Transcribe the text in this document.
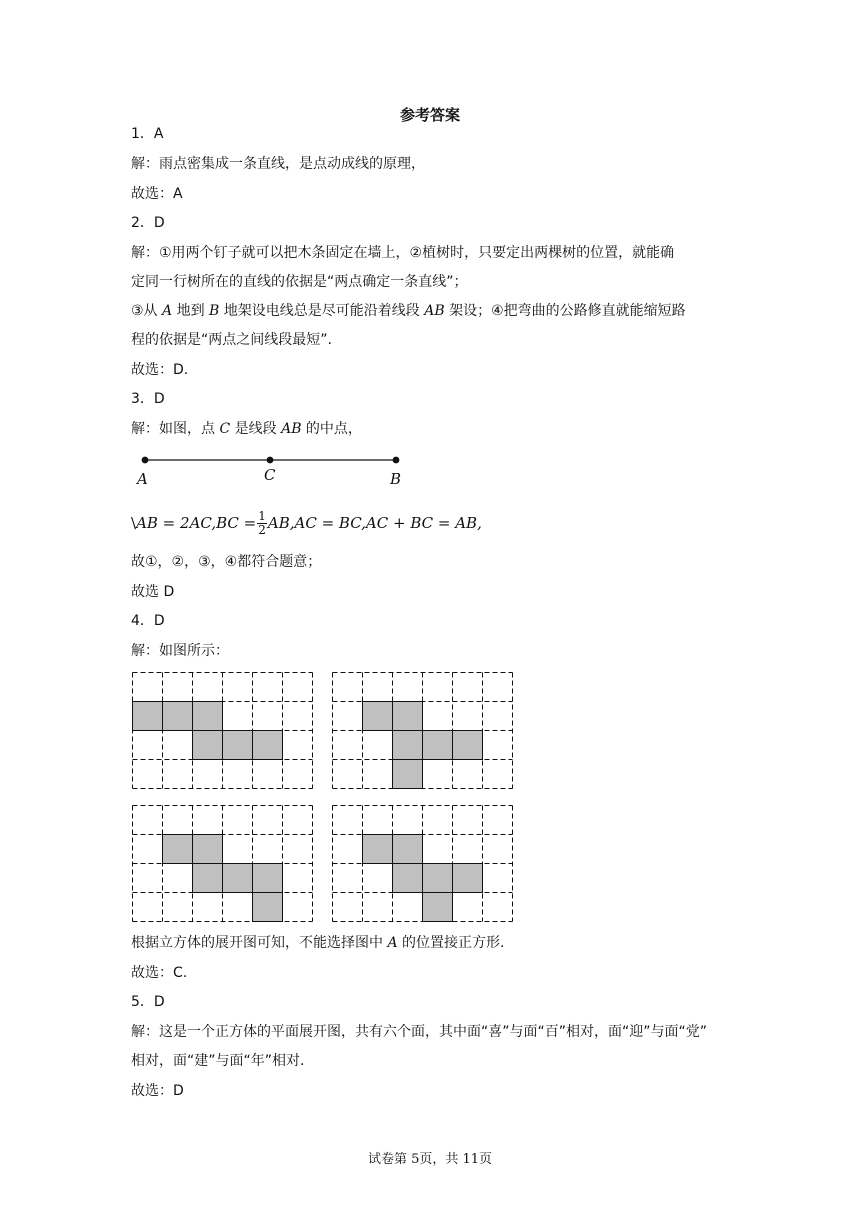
参考答案
1．A
解：雨点密集成一条直线，是点动成线的原理，
故选：A
2．D
解：①用两个钉子就可以把木条固定在墙上，②植树时，只要定出两棵树的位置，就能确
定同一行树所在的直线的依据是“两点确定一条直线”；
③从 A 地到 B 地架设电线总是尽可能沿着线段 AB 架设；④把弯曲的公路修直就能缩短路
程的依据是“两点之间线段最短”.
故选：D.
3．D
解：如图，点 C 是线段 AB 的中点，
A	C	B
\ AB = $2AC,BC = \frac{1}{2} AB,AC = BC,AC$ + BC = AB,
故①，②，③，④都符合题意；
故选 D
4．D
解：如图所示：
根据立方体的展开图可知，不能选择图中 A 的位置接正方形.
故选：C.
5．D
解：这是一个正方体的平面展开图，共有六个面，其中面“喜”与面“百”相对，面“迎”与面“党”
相对，面“建”与面“年”相对.
故选：D
试卷第 5页，共 11页
